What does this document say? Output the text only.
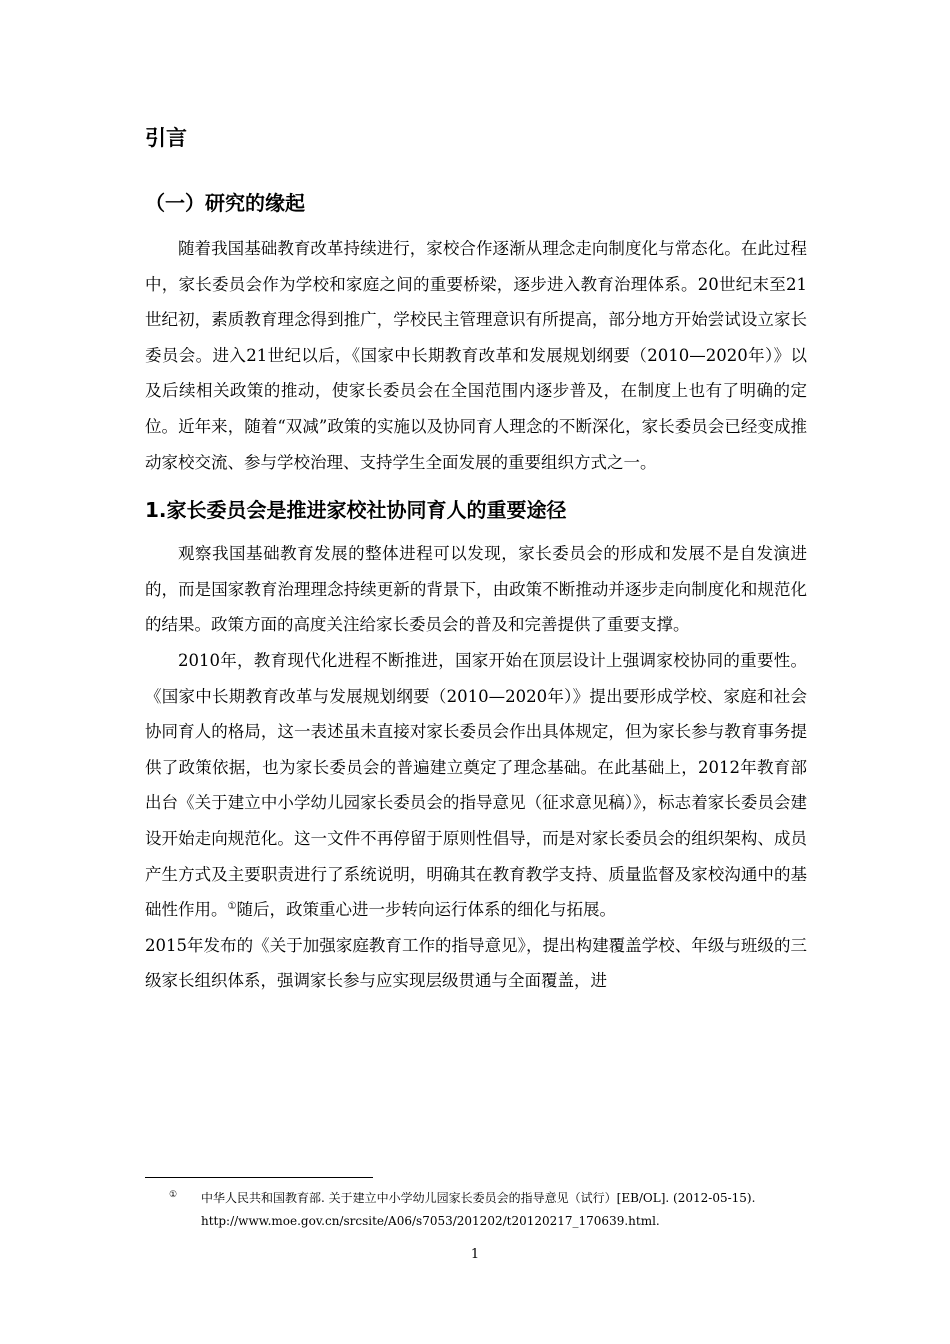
引言
（一）研究的缘起

随着我国基础教育改革持续进行，家校合作逐渐从理念走向制度化与常态化。在此过程中，家长委员会作为学校和家庭之间的重要桥梁，逐步进入教育治理体系。20世纪末至21世纪初，素质教育理念得到推广，学校民主管理意识有所提高，部分地方开始尝试设立家长委员会。进入21世纪以后，《国家中长期教育改革和发展规划纲要（2010—2020年）》以及后续相关政策的推动，使家长委员会在全国范围内逐步普及，在制度上也有了明确的定位。近年来，随着“双减”政策的实施以及协同育人理念的不断深化，家长委员会已经变成推动家校交流、参与学校治理、支持学生全面发展的重要组织方式之一。

1.家长委员会是推进家校社协同育人的重要途径

观察我国基础教育发展的整体进程可以发现，家长委员会的形成和发展不是自发演进的，而是国家教育治理理念持续更新的背景下，由政策不断推动并逐步走向制度化和规范化的结果。政策方面的高度关注给家长委员会的普及和完善提供了重要支撑。

2010年，教育现代化进程不断推进，国家开始在顶层设计上强调家校协同的重要性。《国家中长期教育改革与发展规划纲要（2010—2020年）》提出要形成学校、家庭和社会协同育人的格局，这一表述虽未直接对家长委员会作出具体规定，但为家长参与教育事务提供了政策依据，也为家长委员会的普遍建立奠定了理念基础。在此基础上，2012年教育部出台《关于建立中小学幼儿园家长委员会的指导意见（征求意见稿）》，标志着家长委员会建设开始走向规范化。这一文件不再停留于原则性倡导，而是对家长委员会的组织架构、成员产生方式及主要职责进行了系统说明，明确其在教育教学支持、质量监督及家校沟通中的基础性作用。①随后，政策重心进一步转向运行体系的细化与拓展。

2015年发布的《关于加强家庭教育工作的指导意见》，提出构建覆盖学校、年级与班级的三级家长组织体系，强调家长参与应实现层级贯通与全面覆盖，进

① 中华人民共和国教育部. 关于建立中小学幼儿园家长委员会的指导意见（试行）[EB/OL]. (2012-05-15). http://www.moe.gov.cn/srcsite/A06/s7053/201202/t20120217_170639.html.
1
